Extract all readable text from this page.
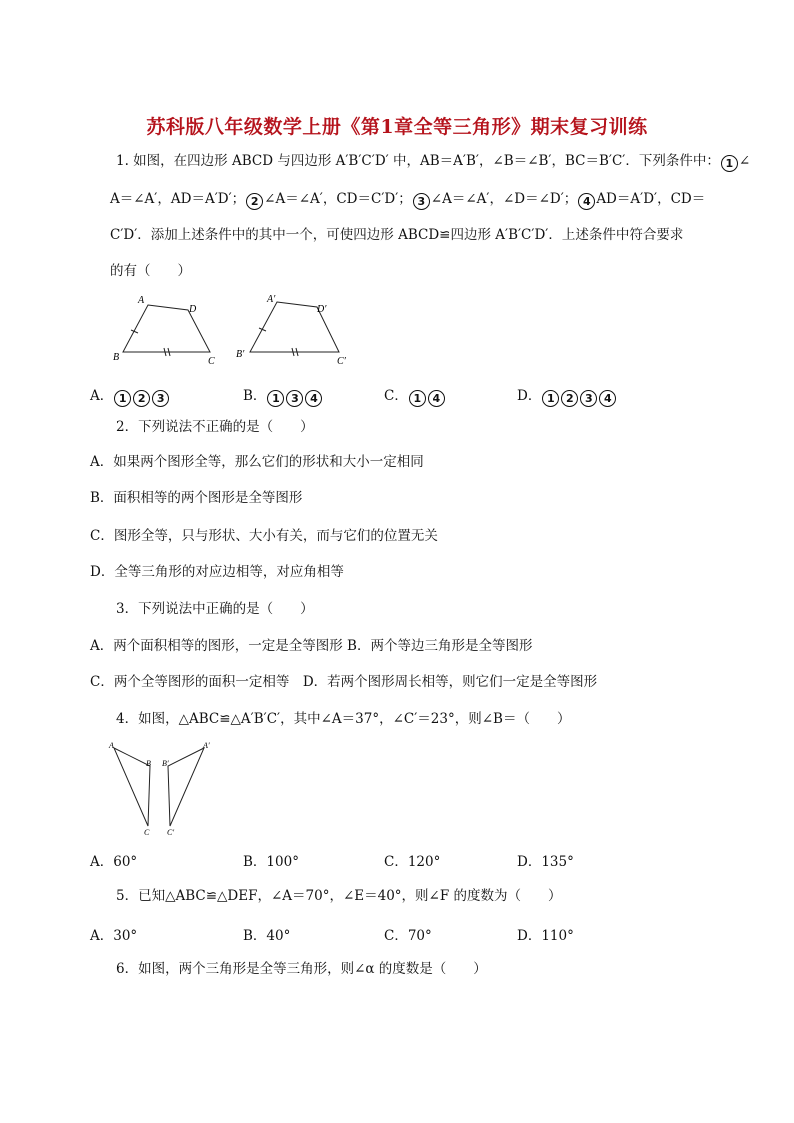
苏科版八年级数学上册《第1章全等三角形》期末复习训练
1. 如图，在四边形 ABCD 与四边形 A′B′C′D′ 中，AB＝A′B′，∠B＝∠B′，BC＝B′C′．下列条件中： 1 ∠
A＝∠A′，AD＝A′D′； 2 ∠A＝∠A′，CD＝C′D′； 3 ∠A＝∠A′，∠D＝∠D′； 4 AD＝A′D′，CD＝
C′D′．添加上述条件中的其中一个，可使四边形 ABCD≌四边形 A′B′C′D′．上述条件中符合要求
的有（　　）
A
D
B	C
A′
D′
B′
C′
A． 1 2 3	B． 1 3 4	C． 1 4	D． 1 2 3 4
2．下列说法不正确的是（　　）
A．如果两个图形全等，那么它们的形状和大小一定相同
B．面积相等的两个图形是全等图形
C．图形全等，只与形状、大小有关，而与它们的位置无关
D．全等三角形的对应边相等，对应角相等
3．下列说法中正确的是（　　）
A．两个面积相等的图形，一定是全等图形 B．两个等边三角形是全等图形
C．两个全等图形的面积一定相等　D．若两个图形周长相等，则它们一定是全等图形
4．如图，△ABC≌△A′B′C′，其中∠A＝37°，∠C′＝23°，则∠B＝（　　）
A
B
C
A′
B′
C′
A．60°	B．100°	C．120°	D．135°
5．已知△ABC≌△DEF，∠A＝70°，∠E＝40°，则∠F 的度数为（　　）
A．30°	B．40°	C．70°	D．110°
6．如图，两个三角形是全等三角形，则∠α 的度数是（　　）
